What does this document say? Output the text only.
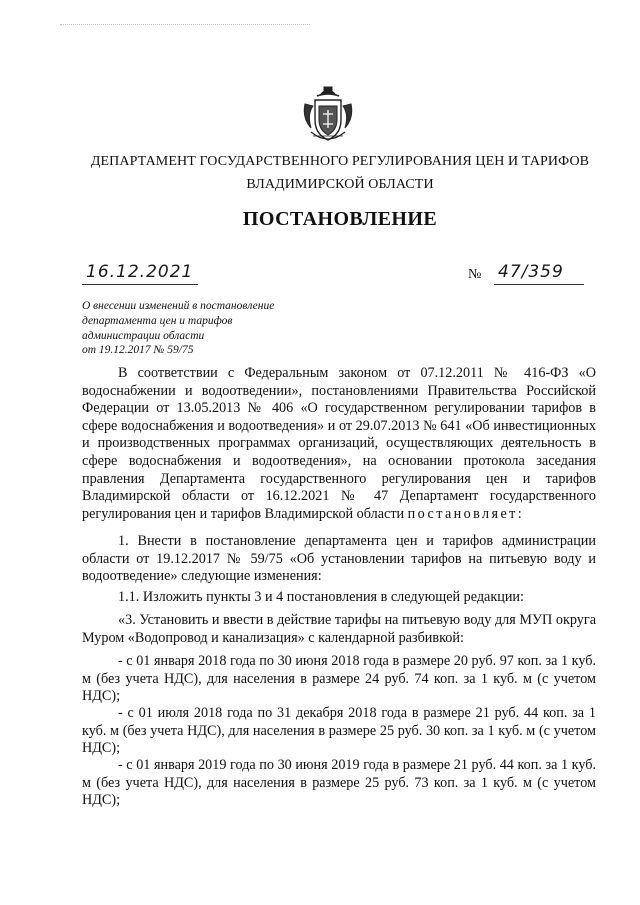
ДЕПАРТАМЕНТ ГОСУДАРСТВЕННОГО РЕГУЛИРОВАНИЯ ЦЕН И ТАРИФОВ
ВЛАДИМИРСКОЙ ОБЛАСТИ
ПОСТАНОВЛЕНИЕ
16.12.2021	№ 47/359
О внесении изменений в постановление
департамента цен и тарифов
администрации области
от 19.12.2017 № 59/75

В соответствии с Федеральным законом от 07.12.2011 № 416-ФЗ «О водоснабжении и водоотведении», постановлениями Правительства Российской Федерации от 13.05.2013 № 406 «О государственном регулировании тарифов в сфере водоснабжения и водоотведения» и от 29.07.2013 № 641 «Об инвестиционных и производственных программах организаций, осуществляющих деятельность в сфере водоснабжения и водоотведения», на основании протокола заседания правления Департамента государственного регулирования цен и тарифов Владимирской области от 16.12.2021 № 47 Департамент государственного регулирования цен и тарифов Владимирской области постановляет:

1. Внести в постановление департамента цен и тарифов администрации области от 19.12.2017 № 59/75 «Об установлении тарифов на питьевую воду и водоотведение» следующие изменения:

1.1. Изложить пункты 3 и 4 постановления в следующей редакции:

«3. Установить и ввести в действие тарифы на питьевую воду для МУП округа Муром «Водопровод и канализация» с календарной разбивкой:

- с 01 января 2018 года по 30 июня 2018 года в размере 20 руб. 97 коп. за 1 куб. м (без учета НДС), для населения в размере 24 руб. 74 коп. за 1 куб. м (с учетом НДС);

- с 01 июля 2018 года по 31 декабря 2018 года в размере 21 руб. 44 коп. за 1 куб. м (без учета НДС), для населения в размере 25 руб. 30 коп. за 1 куб. м (с учетом НДС);

- с 01 января 2019 года по 30 июня 2019 года в размере 21 руб. 44 коп. за 1 куб. м (без учета НДС), для населения в размере 25 руб. 73 коп. за 1 куб. м (с учетом НДС);
